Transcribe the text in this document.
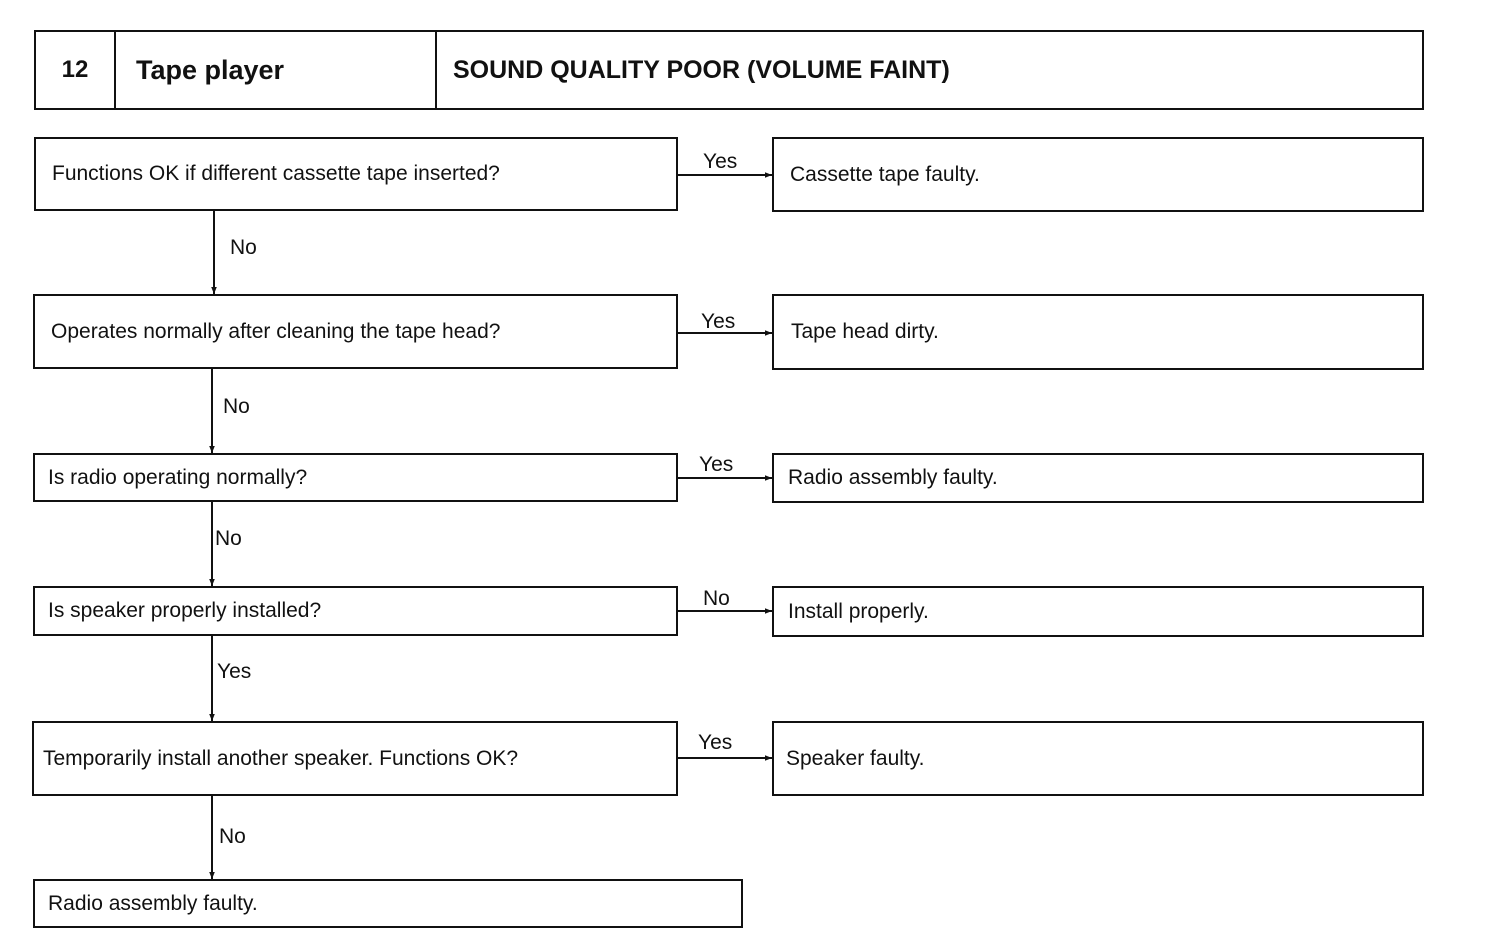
12	Tape player	SOUND QUALITY POOR (VOLUME FAINT)
Functions OK if different cassette tape inserted?	Cassette tape faulty.
Yes
No
Operates normally after cleaning the tape head?	Tape head dirty.
Yes
No
Is radio operating normally?	Radio assembly faulty.
Yes
No
Is speaker properly installed?	Install properly.
No
Yes
Temporarily install another speaker. Functions OK?	Speaker faulty.
Yes
No
Radio assembly faulty.
